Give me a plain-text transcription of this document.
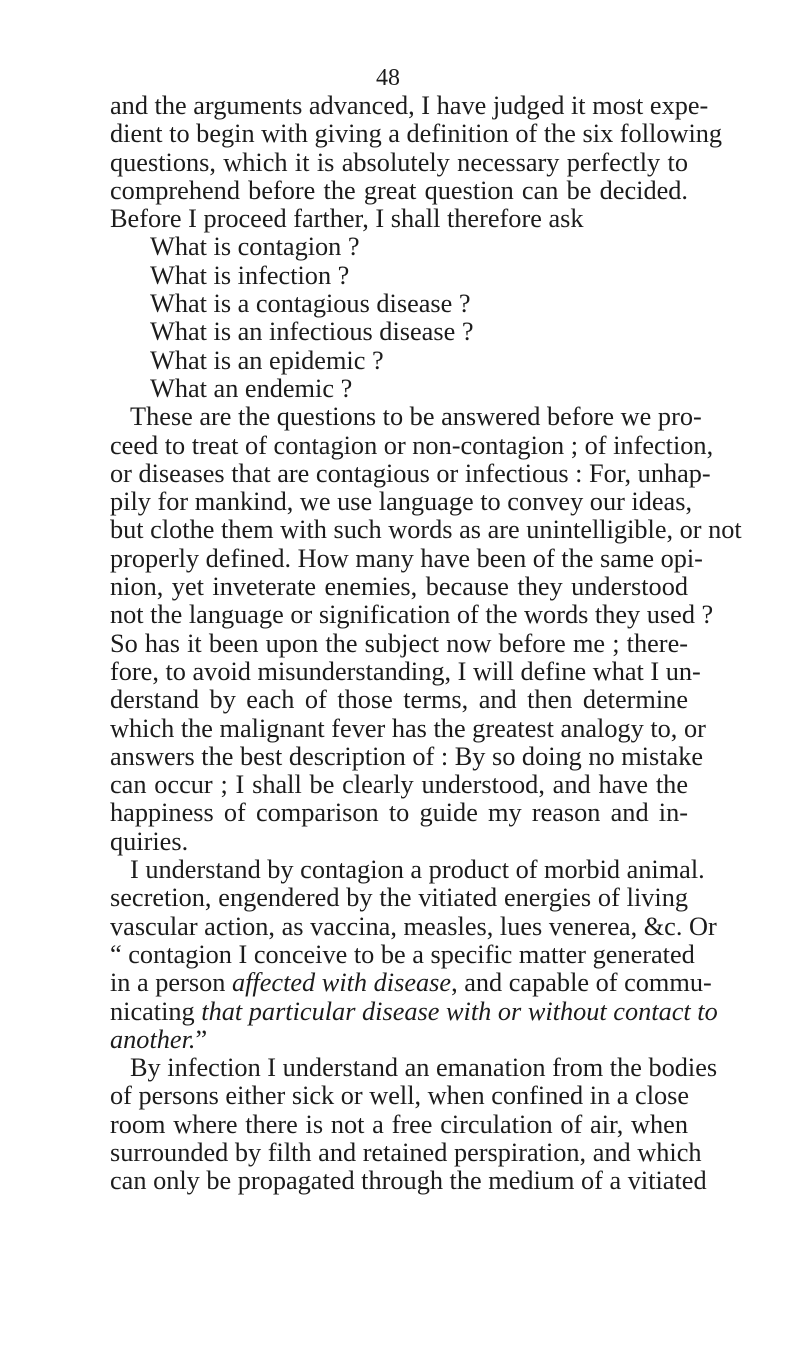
48
and the arguments advanced, I have judged it most expe-
dient to begin with giving a definition of the six following
questions, which it is absolutely necessary perfectly to
comprehend before the great question can be decided.
Before I proceed farther, I shall therefore ask
What is contagion ?
What is infection ?
What is a contagious disease ?
What is an infectious disease ?
What is an epidemic ?
What an endemic ?
These are the questions to be answered before we pro-
ceed to treat of contagion or non-contagion ; of infection,
or diseases that are contagious or infectious : For, unhap-
pily for mankind, we use language to convey our ideas,
but clothe them with such words as are unintelligible, or not
properly defined. How many have been of the same opi-
nion, yet inveterate enemies, because they understood
not the language or signification of the words they used ?
So has it been upon the subject now before me ; there-
fore, to avoid misunderstanding, I will define what I un-
derstand by each of those terms, and then determine
which the malignant fever has the greatest analogy to, or
answers the best description of : By so doing no mistake
can occur ; I shall be clearly understood, and have the
happiness of comparison to guide my reason and in-
quiries.
I understand by contagion a product of morbid animal.
secretion, engendered by the vitiated energies of living
vascular action, as vaccina, measles, lues venerea, &c. Or
“ contagion I conceive to be a specific matter generated
in a person affected with disease, and capable of commu-
nicating that particular disease with or without contact to
another.”
By infection I understand an emanation from the bodies
of persons either sick or well, when confined in a close
room where there is not a free circulation of air, when
surrounded by filth and retained perspiration, and which
can only be propagated through the medium of a vitiated
